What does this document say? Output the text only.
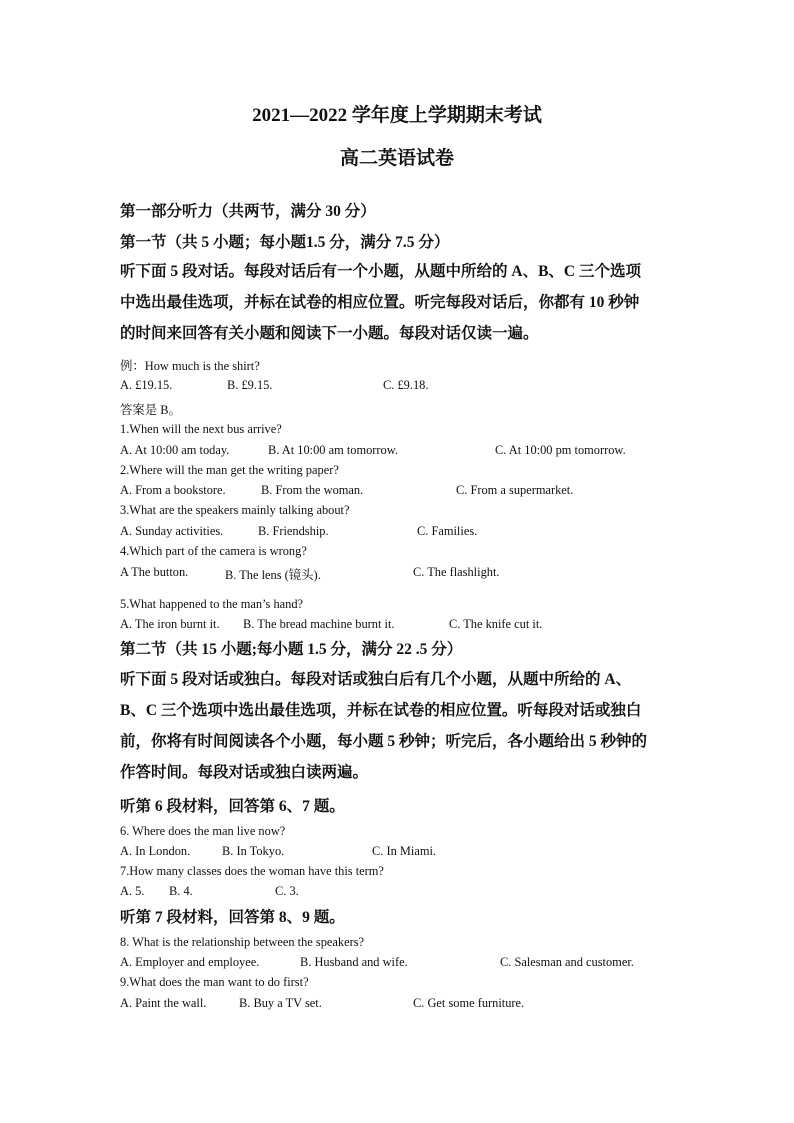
2021—2022 学年度上学期期末考试
高二英语试卷
第一部分听力（共两节，满分 30 分）
第一节（共 5 小题；每小题1.5 分，满分 7.5 分）
听下面 5 段对话。每段对话后有一个小题，从题中所给的 A、B、C 三个选项
中选出最佳选项，并标在试卷的相应位置。听完每段对话后，你都有 10 秒钟
的时间来回答有关小题和阅读下一小题。每段对话仅读一遍。
例：How much is the shirt?
A. £19.15.	B. £9.15.	C. £9.18.
答案是 B。
1.When will the next bus arrive?
A. At 10:00 am today.	B. At 10:00 am tomorrow.	C. At 10:00 pm tomorrow.
2.Where will the man get the writing paper?
A. From a bookstore.	B. From the woman.	C. From a supermarket.
3.What are the speakers mainly talking about?
A. Sunday activities.	B. Friendship.	C. Families.
4.Which part of the camera is wrong?
A The button.	B. The lens (镜头).	C. The flashlight.
5.What happened to the man’s hand?
A. The iron burnt it. B. The bread machine burnt it.	C. The knife cut it.
第二节（共 15 小题;每小题 1.5 分，满分 22 .5 分）
听下面 5 段对话或独白。每段对话或独白后有几个小题，从题中所给的 A、
B、C 三个选项中选出最佳选项，并标在试卷的相应位置。听每段对话或独白
前，你将有时间阅读各个小题，每小题 5 秒钟；听完后，各小题给出 5 秒钟的
作答时间。每段对话或独白读两遍。
听第 6 段材料，回答第 6、7 题。
6. Where does the man live now?
A. In London.	B. In Tokyo.	C. In Miami.
7.How many classes does the woman have this term?
A. 5. B. 4.	C. 3.
听第 7 段材料，回答第 8、9 题。
8. What is the relationship between the speakers?
A. Employer and employee.	B. Husband and wife.	C. Salesman and customer.
9.What does the man want to do first?
A. Paint the wall.	B. Buy a TV set.	C. Get some furniture.
